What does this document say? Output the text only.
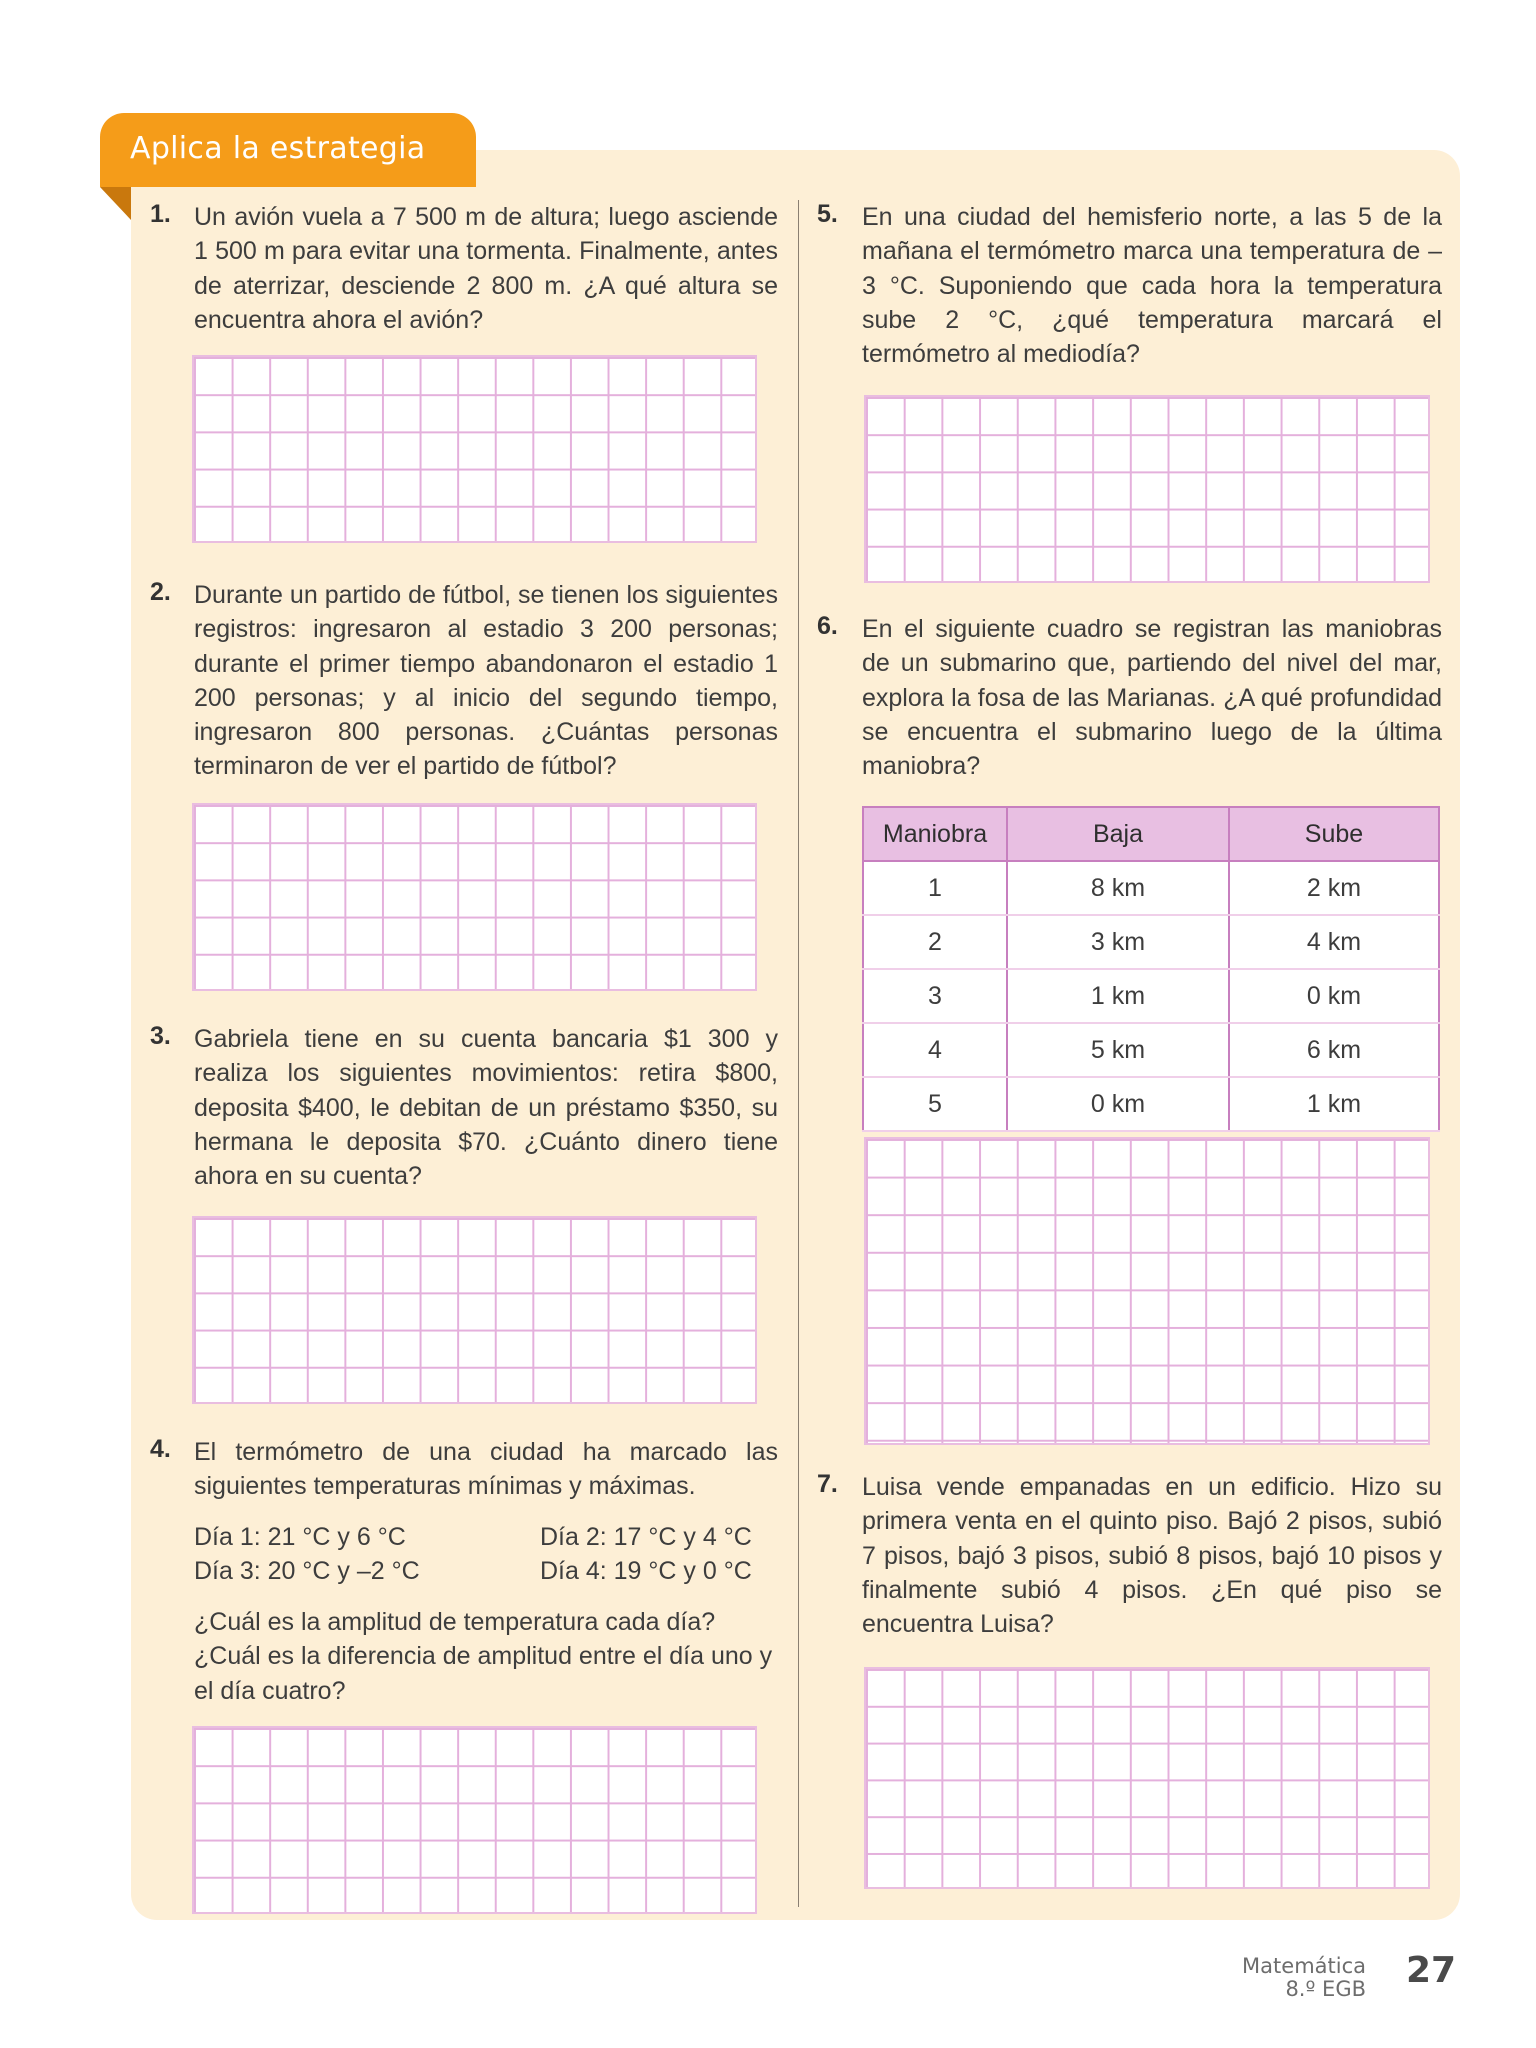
Aplica la estrategia
1. Un avión vuela a 7 500 m de altura; luego asciende 1 500 m para evitar una tormenta. Finalmente, antes de aterrizar, desciende 2 800 m. ¿A qué altura se encuentra ahora el avión?
2. Durante un partido de fútbol, se tienen los siguientes registros: ingresaron al estadio 3 200 personas; durante el primer tiempo abandonaron el estadio 1 200 personas; y al inicio del segundo tiempo, ingresaron 800 personas. ¿Cuántas personas terminaron de ver el partido de fútbol?
3. Gabriela tiene en su cuenta bancaria $1 300 y realiza los siguientes movimientos: retira $800, deposita $400, le debitan de un préstamo $350, su hermana le deposita $70. ¿Cuánto dinero tiene ahora en su cuenta?
4. El termómetro de una ciudad ha marcado las siguientes temperaturas mínimas y máximas.
Día 1: 21 °C y 6 °C	Día 2: 17 °C y 4 °C
Día 3: 20 °C y –2 °C	Día 4: 19 °C y 0 °C
¿Cuál es la amplitud de temperatura cada día? ¿Cuál es la diferencia de amplitud entre el día uno y el día cuatro?
5. En una ciudad del hemisferio norte, a las 5 de la mañana el termómetro marca una temperatura de –3 °C. Suponiendo que cada hora la temperatura sube 2 °C, ¿qué temperatura marcará el termómetro al mediodía?
6. En el siguiente cuadro se registran las maniobras de un submarino que, partiendo del nivel del mar, explora la fosa de las Marianas. ¿A qué profundidad se encuentra el submarino luego de la última maniobra?
Maniobra	Baja	Sube
1	8 km	2 km
2	3 km	4 km
3	1 km	0 km
4	5 km	6 km
5	0 km	1 km
7. Luisa vende empanadas en un edificio. Hizo su primera venta en el quinto piso. Bajó 2 pisos, subió 7 pisos, bajó 3 pisos, subió 8 pisos, bajó 10 pisos y finalmente subió 4 pisos. ¿En qué piso se encuentra Luisa?
Matemática
8.º EGB 27
